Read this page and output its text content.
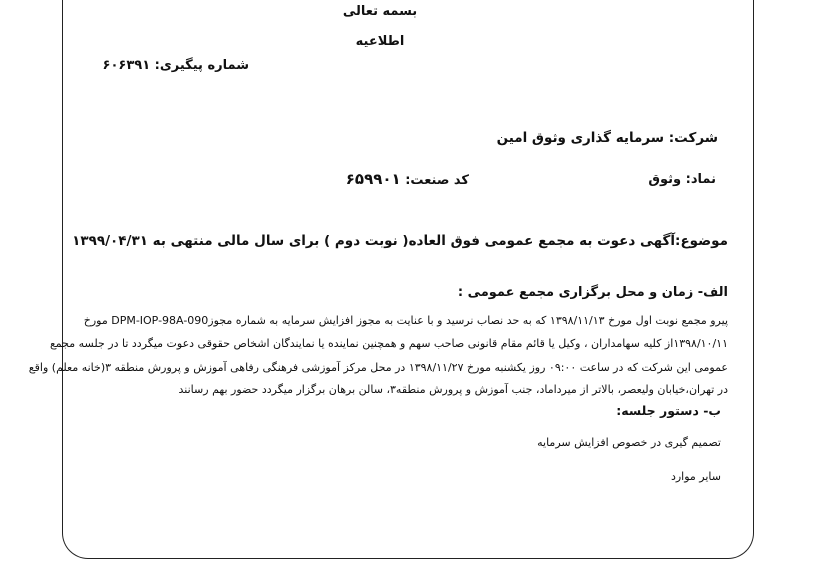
بسمه تعالی
اطلاعیه
شماره پیگیری: ۶۰۶۳۹۱
شرکت: سرمایه گذاری وثوق امین
نماد: وثوق
کد صنعت: ۶۵۹۹۰۱
موضوع:آگهی دعوت به مجمع عمومی فوق العاده( نوبت دوم ) برای سال مالی منتهی به ۱۳۹۹/۰۴/۳۱
الف- زمان و محل برگزاری مجمع عمومی :
پیرو مجمع نوبت اول مورخ ۱۳۹۸/۱۱/۱۳ که به حد نصاب نرسید و با عنایت به مجوز افزایش سرمایه به شماره مجوزDPM-IOP-98A-090 مورخ
۱۳۹۸/۱۰/۱۱از کلیه سهامداران ، وکیل یا قائم مقام قانونی صاحب سهم و همچنین نماینده یا نمایندگان اشخاص حقوقی دعوت میگردد تا در جلسه مجمع
عمومی این شرکت که در ساعت ۰۹:۰۰ روز یکشنبه مورخ ۱۳۹۸/۱۱/۲۷ در محل مرکز آموزشی فرهنگی رفاهی آموزش و پرورش منطقه ۳(خانه معلم) واقع
در تهران،خیابان ولیعصر، بالاتر از میرداماد، جنب آموزش و پرورش منطقه۳، سالن برهان برگزار میگردد حضور بهم رسانند
ب- دستور جلسه:
تصمیم گیری در خصوص افزایش سرمایه
سایر موارد
